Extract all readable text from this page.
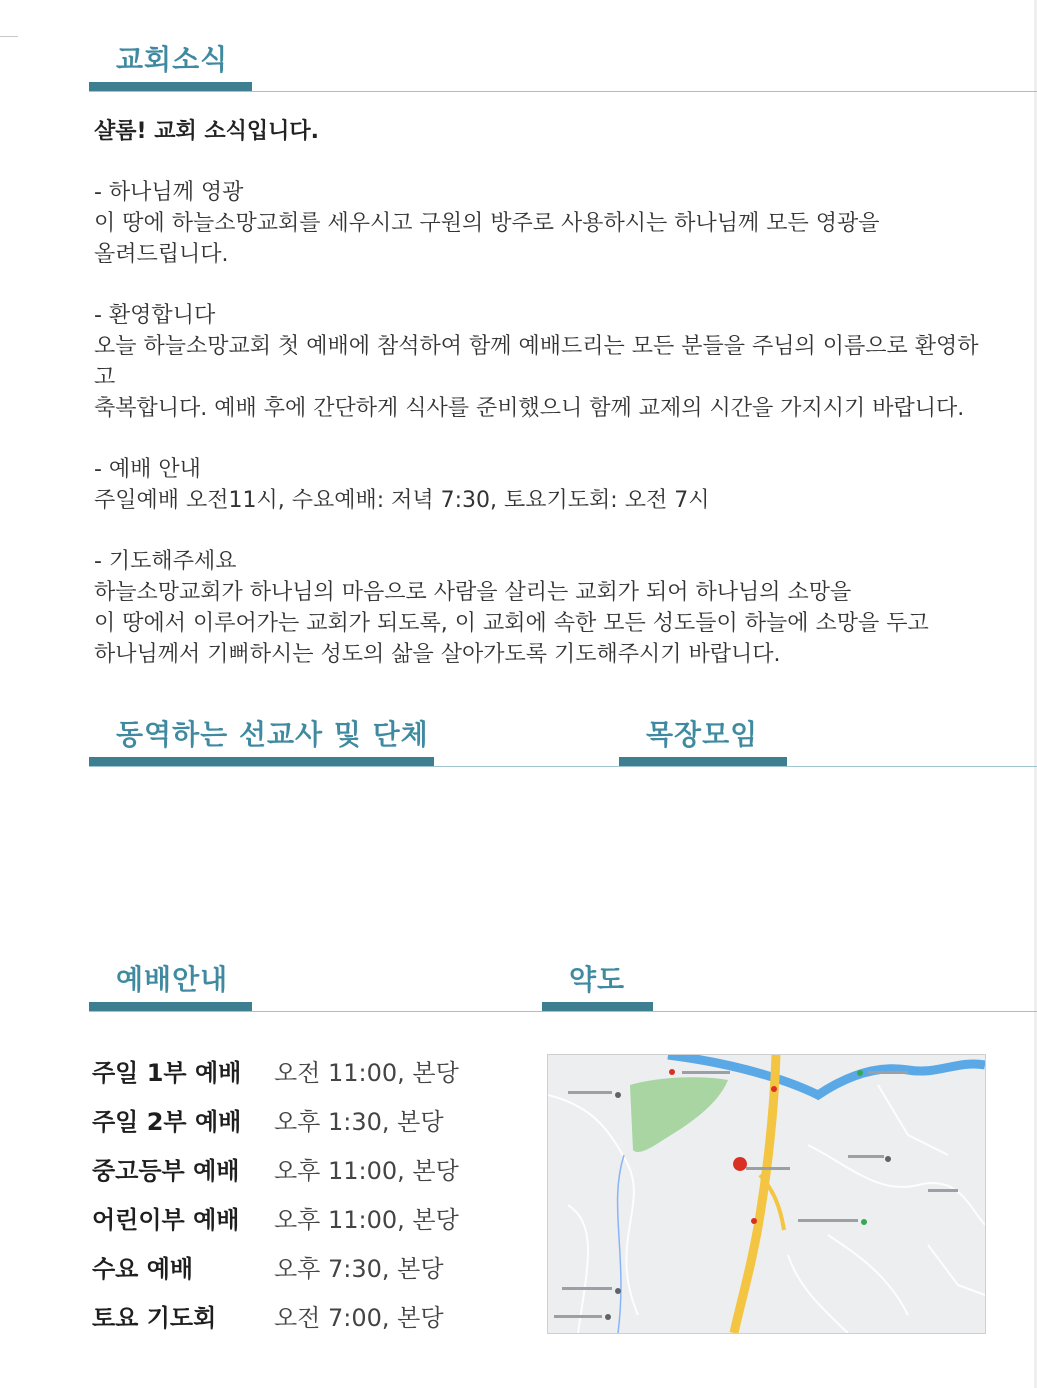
교회소식

샬롬! 교회 소식입니다.

- 하나님께 영광

이 땅에 하늘소망교회를 세우시고 구원의 방주로 사용하시는 하나님께 모든 영광을

올려드립니다.

- 환영합니다

오늘 하늘소망교회 첫 예배에 참석하여 함께 예배드리는 모든 분들을 주님의 이름으로 환영하고

축복합니다. 예배 후에 간단하게 식사를 준비했으니 함께 교제의 시간을 가지시기 바랍니다.

- 예배 안내

주일예배 오전11시, 수요예배: 저녁 7:30, 토요기도회: 오전 7시

- 기도해주세요

하늘소망교회가 하나님의 마음으로 사람을 살리는 교회가 되어 하나님의 소망을

이 땅에서 이루어가는 교회가 되도록, 이 교회에 속한 모든 성도들이 하늘에 소망을 두고

하나님께서 기뻐하시는 성도의 삶을 살아가도록 기도해주시기 바랍니다.

동역하는 선교사 및 단체	목장모임
예배안내	약도
주일 1부 예배	오전 11:00, 본당
주일 2부 예배	오후 1:30, 본당
중고등부 예배	오후 11:00, 본당
어린이부 예배	오후 11:00, 본당
수요 예배	오후 7:30, 본당
토요 기도회	오전 7:00, 본당
